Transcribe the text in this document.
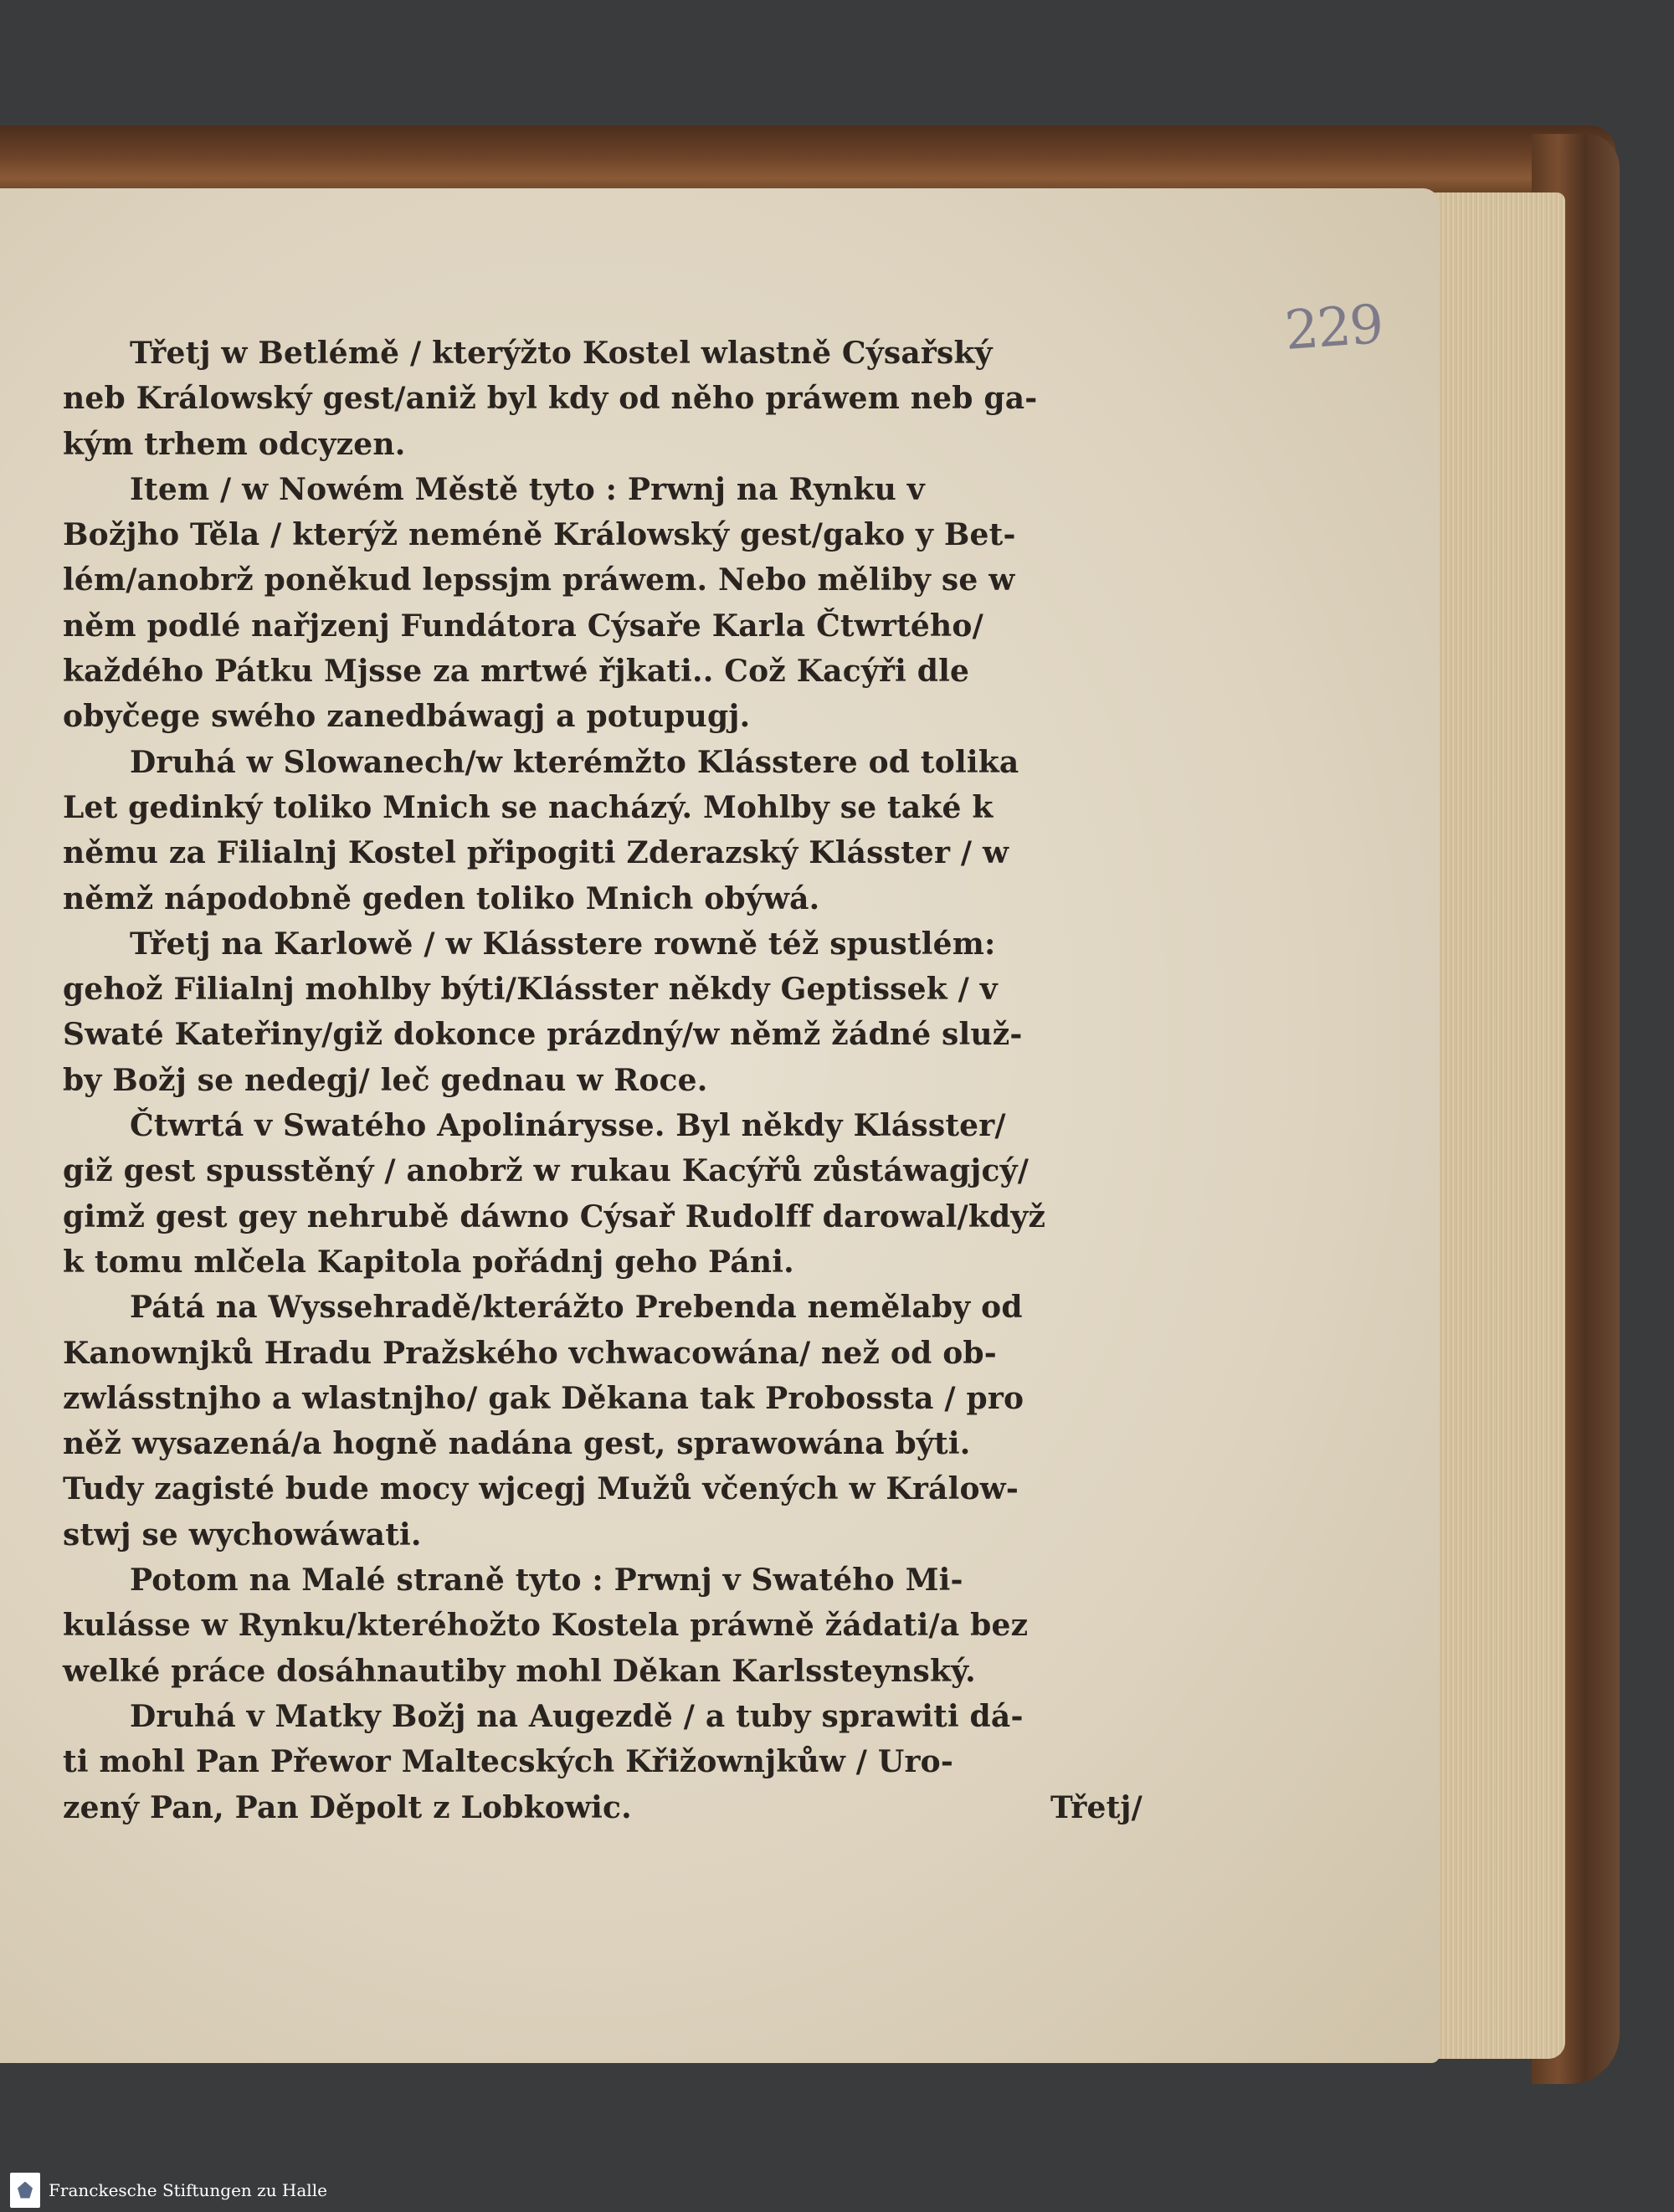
229
Třetj w Betlémě / kterýžto Kostel wlastně Cýsařský
neb Králowský gest/aniž byl kdy od něho práwem neb ga-
kým trhem odcyzen.
Item / w Nowém Městě tyto : Prwnj na Rynku v
Božjho Těla / kterýž neméně Králowský gest/gako y Bet-
lém/anobrž poněkud lepssjm práwem. Nebo měliby se w
něm podlé nařjzenj Fundátora Cýsaře Karla Čtwrtého/
každého Pátku Mjsse za mrtwé řjkati.. Což Kacýři dle
obyčege swého zanedbáwagj a potupugj.
Druhá w Slowanech/w kterémžto Klásstere od tolika
Let gedinký toliko Mnich se nacházý. Mohlby se také k
němu za Filialnj Kostel připogiti Zderazský Klásster / w
němž nápodobně geden toliko Mnich obýwá.
Třetj na Karlowě / w Klásstere rowně též spustlém:
gehož Filialnj mohlby býti/Klásster někdy Geptissek / v
Swaté Kateřiny/giž dokonce prázdný/w němž žádné služ-
by Božj se nedegj/ leč gednau w Roce.
Čtwrtá v Swatého Apolinárysse. Byl někdy Klásster/
giž gest spusstěný / anobrž w rukau Kacýřů zůstáwagjcý/
gimž gest gey nehrubě dáwno Cýsař Rudolff darowal/když
k tomu mlčela Kapitola pořádnj geho Páni.
Pátá na Wyssehradě/kterážto Prebenda nemělaby od
Kanownjků Hradu Pražského vchwacowána/ než od ob-
zwlásstnjho a wlastnjho/ gak Děkana tak Probossta / pro
něž wysazená/a hogně nadána gest, sprawowána býti.
Tudy zagisté bude mocy wjcegj Mužů včených w Králow-
stwj se wychowáwati.
Potom na Malé straně tyto : Prwnj v Swatého Mi-
kulásse w Rynku/kteréhožto Kostela práwně žádati/a bez
welké práce dosáhnautiby mohl Děkan Karlssteynský.
Druhá v Matky Božj na Augezdě / a tuby sprawiti dá-
ti mohl Pan Přewor Maltecských Křižownjkůw / Uro-
zený Pan, Pan Děpolt z Lobkowic.	Třetj/
Franckesche Stiftungen zu Halle
